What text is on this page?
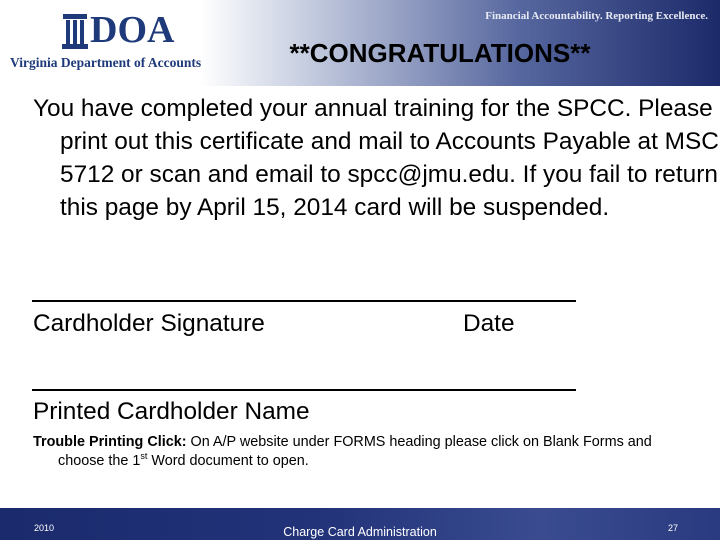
DOA
Virginia Department of Accounts
Financial Accountability. Reporting Excellence.
**CONGRATULATIONS**
You have completed your annual training for the SPCC. Please print out this certificate and mail to Accounts Payable at MSC 5712 or scan and email to spcc@jmu.edu. If you fail to return this page by April 15, 2014 card will be suspended.
Cardholder Signature	Date
Printed Cardholder Name
Trouble Printing Click: On A/P website under FORMS heading please click on Blank Forms and choose the 1st Word document to open.
2010	Charge Card Administration	27
